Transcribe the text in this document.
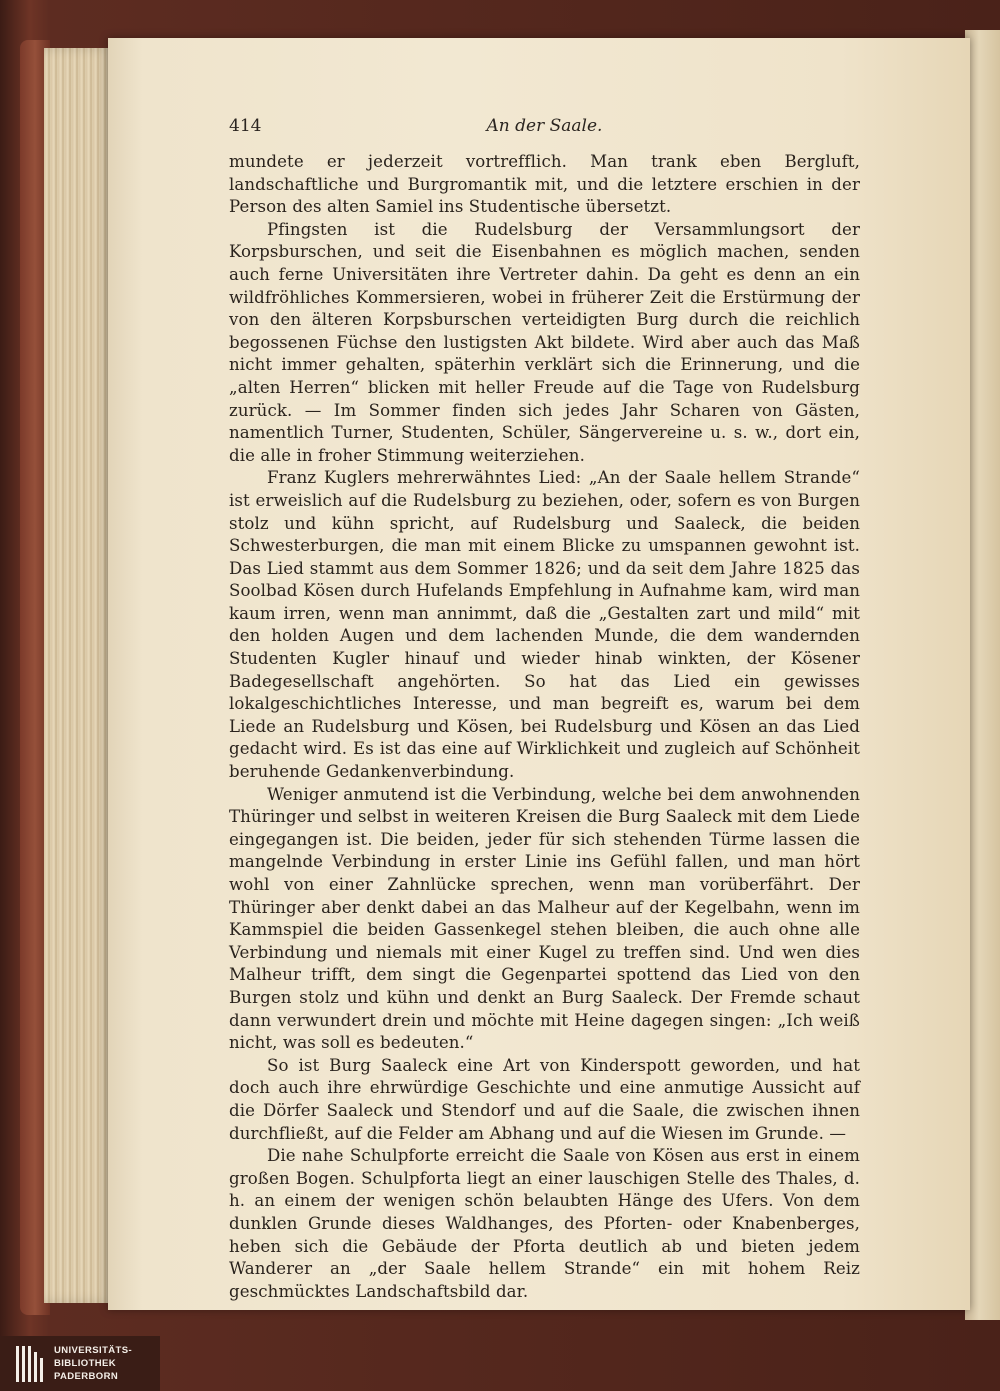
414	An der Saale.

mundete er jederzeit vortrefflich. Man trank eben Bergluft, landschaftliche und Burgromantik mit, und die letztere erschien in der Person des alten Samiel ins Studentische übersetzt.

Pfingsten ist die Rudelsburg der Versammlungsort der Korpsburschen, und seit die Eisenbahnen es möglich machen, senden auch ferne Universitäten ihre Vertreter dahin. Da geht es denn an ein wildfröhliches Kommersieren, wobei in früherer Zeit die Erstürmung der von den älteren Korpsburschen verteidigten Burg durch die reichlich begossenen Füchse den lustigsten Akt bildete. Wird aber auch das Maß nicht immer gehalten, späterhin verklärt sich die Erinnerung, und die „alten Herren“ blicken mit heller Freude auf die Tage von Rudelsburg zurück. — Im Sommer finden sich jedes Jahr Scharen von Gästen, namentlich Turner, Studenten, Schüler, Sängervereine u. s. w., dort ein, die alle in froher Stimmung weiterziehen.

Franz Kuglers mehrerwähntes Lied: „An der Saale hellem Strande“ ist erweislich auf die Rudelsburg zu beziehen, oder, sofern es von Burgen stolz und kühn spricht, auf Rudelsburg und Saaleck, die beiden Schwesterburgen, die man mit einem Blicke zu umspannen gewohnt ist. Das Lied stammt aus dem Sommer 1826; und da seit dem Jahre 1825 das Soolbad Kösen durch Hufelands Empfehlung in Aufnahme kam, wird man kaum irren, wenn man annimmt, daß die „Gestalten zart und mild“ mit den holden Augen und dem lachenden Munde, die dem wandernden Studenten Kugler hinauf und wieder hinab winkten, der Kösener Badegesellschaft angehörten. So hat das Lied ein gewisses lokalgeschichtliches Interesse, und man begreift es, warum bei dem Liede an Rudelsburg und Kösen, bei Rudelsburg und Kösen an das Lied gedacht wird. Es ist das eine auf Wirklichkeit und zugleich auf Schönheit beruhende Gedankenverbindung.

Weniger anmutend ist die Verbindung, welche bei dem anwohnenden Thüringer und selbst in weiteren Kreisen die Burg Saaleck mit dem Liede eingegangen ist. Die beiden, jeder für sich stehenden Türme lassen die mangelnde Verbindung in erster Linie ins Gefühl fallen, und man hört wohl von einer Zahnlücke sprechen, wenn man vorüberfährt. Der Thüringer aber denkt dabei an das Malheur auf der Kegelbahn, wenn im Kammspiel die beiden Gassenkegel stehen bleiben, die auch ohne alle Verbindung und niemals mit einer Kugel zu treffen sind. Und wen dies Malheur trifft, dem singt die Gegenpartei spottend das Lied von den Burgen stolz und kühn und denkt an Burg Saaleck. Der Fremde schaut dann verwundert drein und möchte mit Heine dagegen singen: „Ich weiß nicht, was soll es bedeuten.“

So ist Burg Saaleck eine Art von Kinderspott geworden, und hat doch auch ihre ehrwürdige Geschichte und eine anmutige Aussicht auf die Dörfer Saaleck und Stendorf und auf die Saale, die zwischen ihnen durchfließt, auf die Felder am Abhang und auf die Wiesen im Grunde. —

Die nahe Schulpforte erreicht die Saale von Kösen aus erst in einem großen Bogen. Schulpforta liegt an einer lauschigen Stelle des Thales, d. h. an einem der wenigen schön belaubten Hänge des Ufers. Von dem dunklen Grunde dieses Waldhanges, des Pforten- oder Knabenberges, heben sich die Gebäude der Pforta deutlich ab und bieten jedem Wanderer an „der Saale hellem Strande“ ein mit hohem Reiz geschmücktes Landschaftsbild dar.

UNIVERSITÄTS-
BIBLIOTHEK
PADERBORN
